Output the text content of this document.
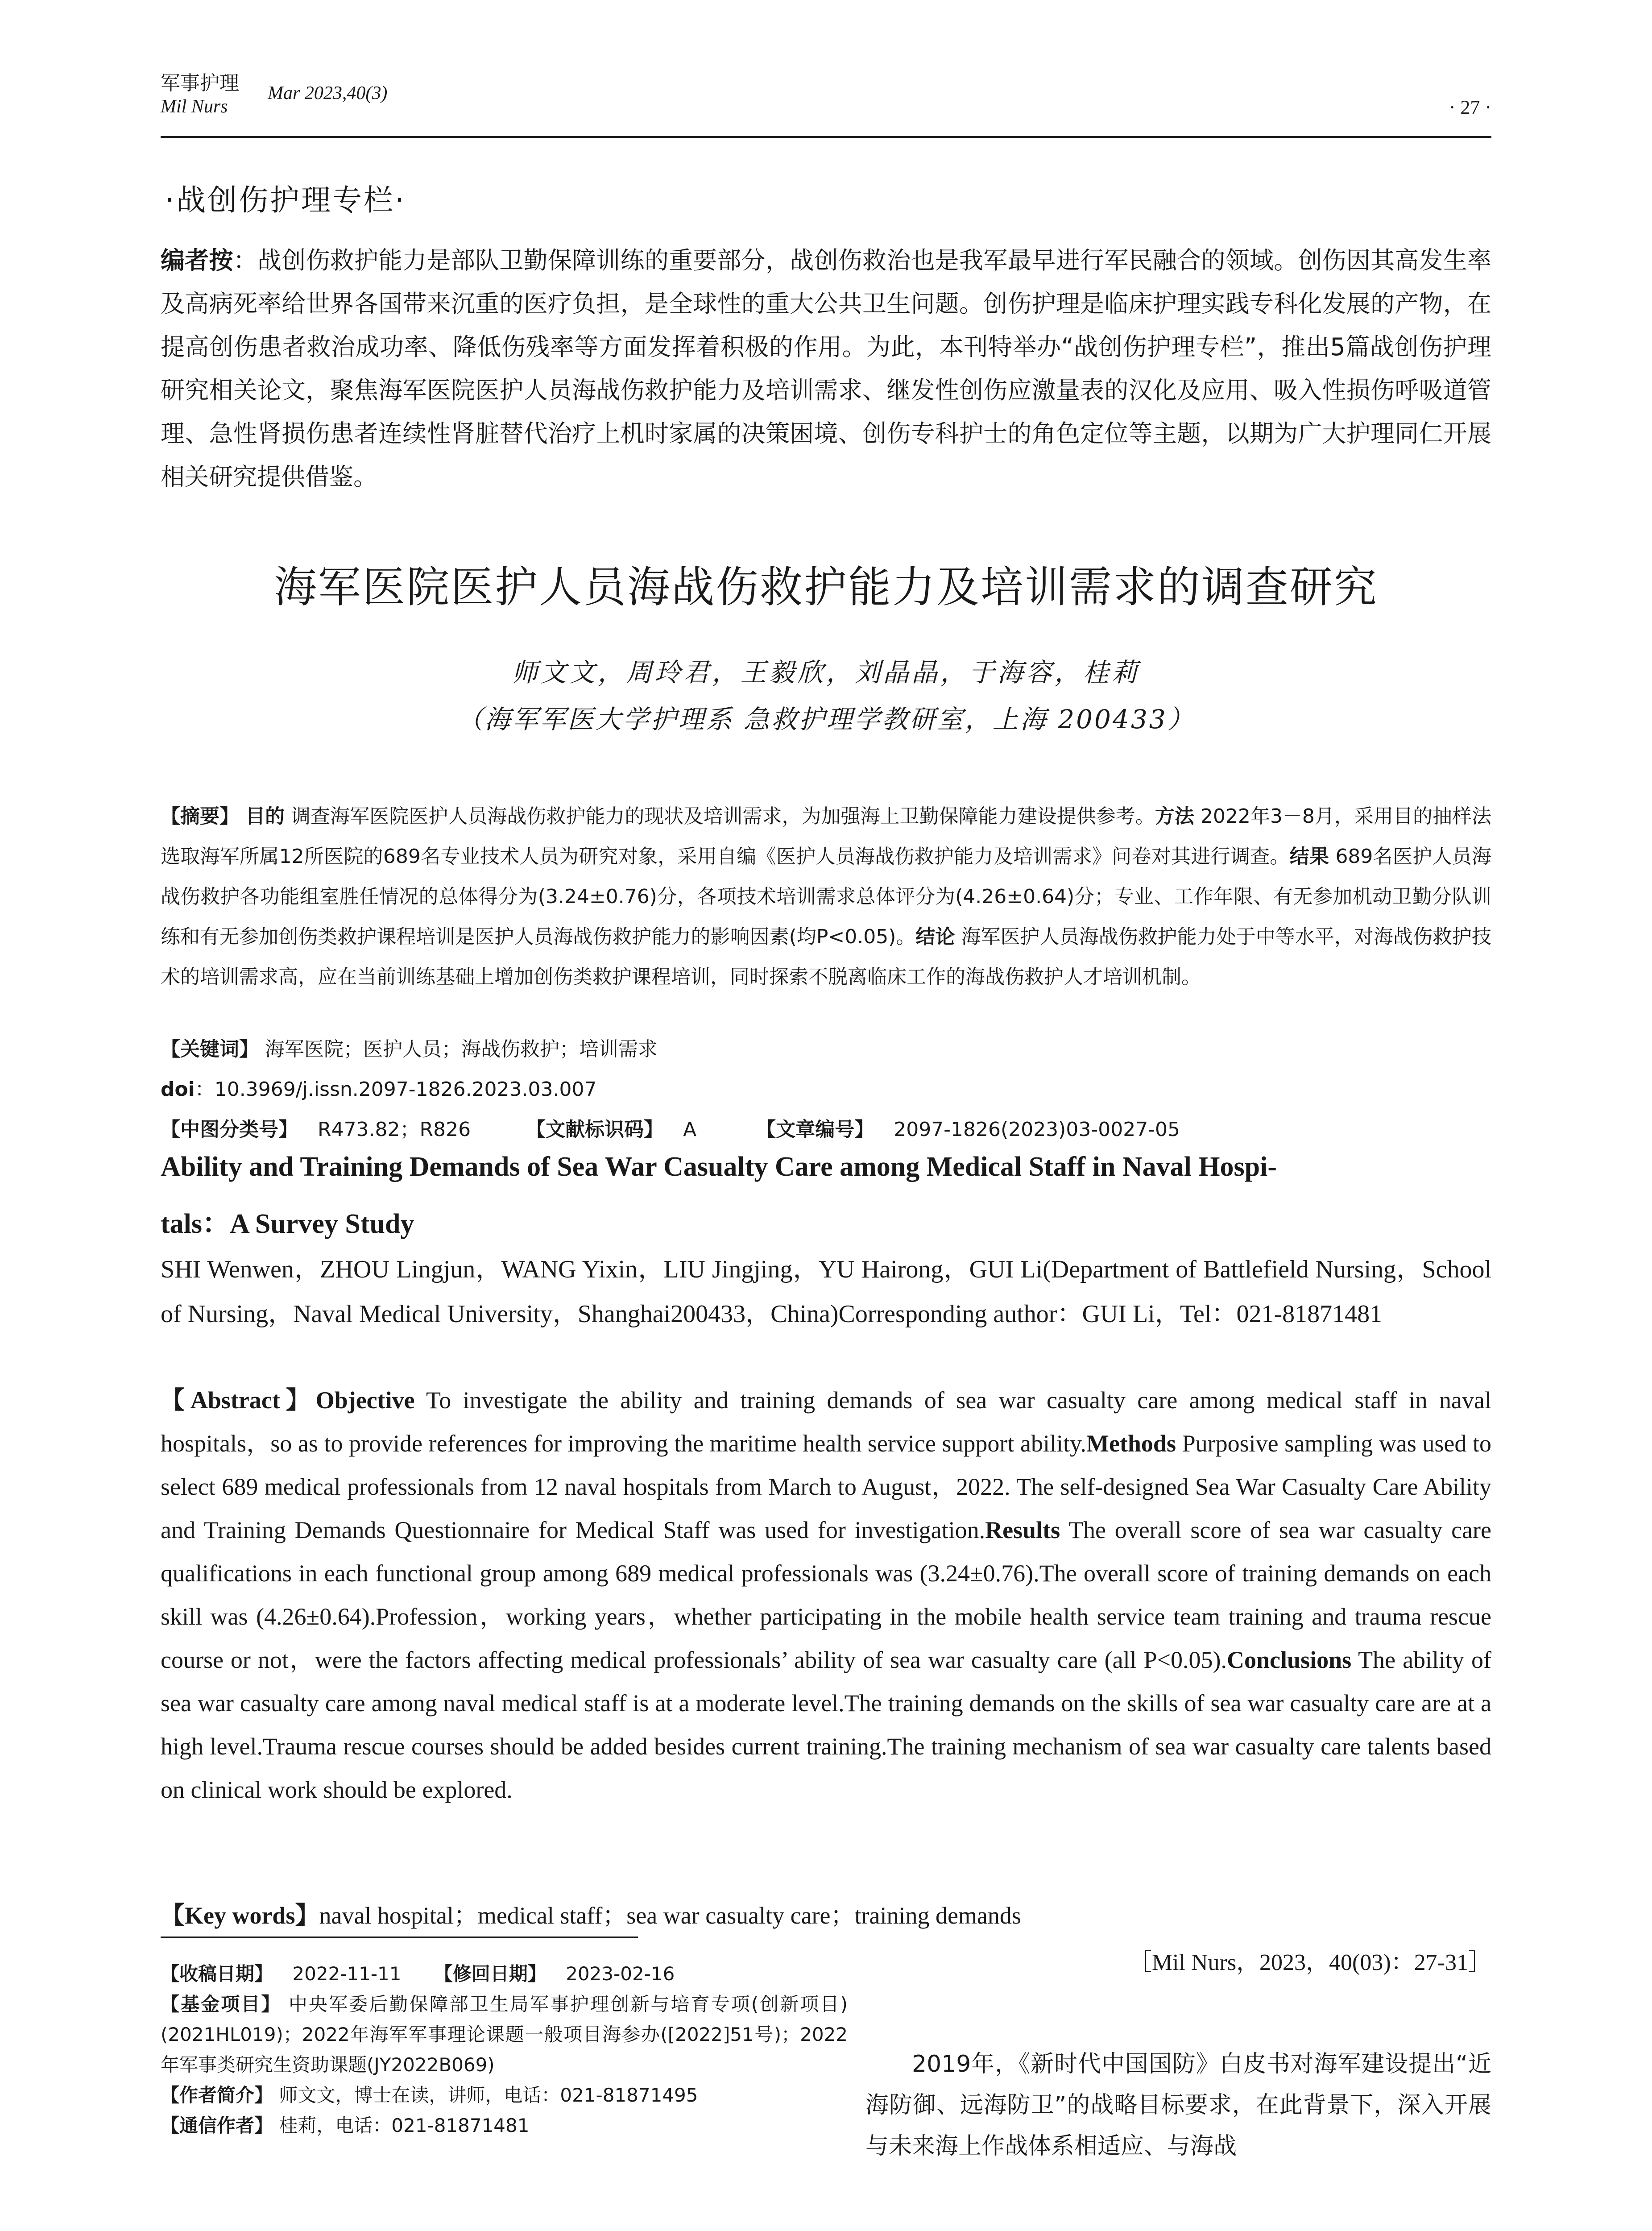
军事护理
Mil Nurs
Mar 2023,40(3)
· 27 ·
·战创伤护理专栏·
编者按：战创伤救护能力是部队卫勤保障训练的重要部分，战创伤救治也是我军最早进行军民融合的领域。创伤因其高发生率及高病死率给世界各国带来沉重的医疗负担，是全球性的重大公共卫生问题。创伤护理是临床护理实践专科化发展的产物，在提高创伤患者救治成功率、降低伤残率等方面发挥着积极的作用。为此，本刊特举办“战创伤护理专栏”，推出5篇战创伤护理研究相关论文，聚焦海军医院医护人员海战伤救护能力及培训需求、继发性创伤应激量表的汉化及应用、吸入性损伤呼吸道管理、急性肾损伤患者连续性肾脏替代治疗上机时家属的决策困境、创伤专科护士的角色定位等主题，以期为广大护理同仁开展相关研究提供借鉴。
海军医院医护人员海战伤救护能力及培训需求的调查研究
师文文，周玲君，王毅欣，刘晶晶，于海容，桂莉
（海军军医大学护理系 急救护理学教研室，上海 200433）
【摘要】 目的 调查海军医院医护人员海战伤救护能力的现状及培训需求，为加强海上卫勤保障能力建设提供参考。方法 2022年3－8月，采用目的抽样法选取海军所属12所医院的689名专业技术人员为研究对象，采用自编《医护人员海战伤救护能力及培训需求》问卷对其进行调查。结果 689名医护人员海战伤救护各功能组室胜任情况的总体得分为(3.24±0.76)分，各项技术培训需求总体评分为(4.26±0.64)分；专业、工作年限、有无参加机动卫勤分队训练和有无参加创伤类救护课程培训是医护人员海战伤救护能力的影响因素(均P<0.05)。结论 海军医护人员海战伤救护能力处于中等水平，对海战伤救护技术的培训需求高，应在当前训练基础上增加创伤类救护课程培训，同时探索不脱离临床工作的海战伤救护人才培训机制。
【关键词】 海军医院；医护人员；海战伤救护；培训需求
doi：10.3969/j.issn.2097-1826.2023.03.007
【中图分类号】 R473.82；R826	【文献标识码】 A	【文章编号】 2097-1826(2023)03-0027-05
Ability and Training Demands of Sea War Casualty Care among Medical Staff in Naval Hospi-
tals：A Survey Study
SHI Wenwen，ZHOU Lingjun，WANG Yixin，LIU Jingjing，YU Hairong，GUI Li(Department of Battlefield Nursing，School of Nursing，Naval Medical University，Shanghai200433，China)Corresponding author：GUI Li，Tel：021-81871481
【Abstract】Objective To investigate the ability and training demands of sea war casualty care among medical staff in naval hospitals，so as to provide references for improving the maritime health service support ability.Methods Purposive sampling was used to select 689 medical professionals from 12 naval hospitals from March to August，2022. The self-designed Sea War Casualty Care Ability and Training Demands Questionnaire for Medical Staff was used for investigation.Results The overall score of sea war casualty care qualifications in each functional group among 689 medical professionals was (3.24±0.76).The overall score of training demands on each skill was (4.26±0.64).Profession，working years，whether participating in the mobile health service team training and trauma rescue course or not，were the factors affecting medical professionals’ ability of sea war casualty care (all P<0.05).Conclusions The ability of sea war casualty care among naval medical staff is at a moderate level.The training demands on the skills of sea war casualty care are at a high level.Trauma rescue courses should be added besides current training.The training mechanism of sea war casualty care talents based on clinical work should be explored.
【Key words】naval hospital；medical staff；sea war casualty care；training demands
［Mil Nurs，2023，40(03)：27-31］
【收稿日期】 2022-11-11 【修回日期】 2023-02-16
【基金项目】 中央军委后勤保障部卫生局军事护理创新与培育专项(创新项目)(2021HL019)；2022年海军军事理论课题一般项目海参办([2022]51号)；2022年军事类研究生资助课题(JY2022B069)
【作者简介】 师文文，博士在读，讲师，电话：021-81871495
【通信作者】 桂莉，电话：021-81871481
2019年，《新时代中国国防》白皮书对海军建设提出“近海防御、远海防卫”的战略目标要求，在此背景下，深入开展与未来海上作战体系相适应、与海战
